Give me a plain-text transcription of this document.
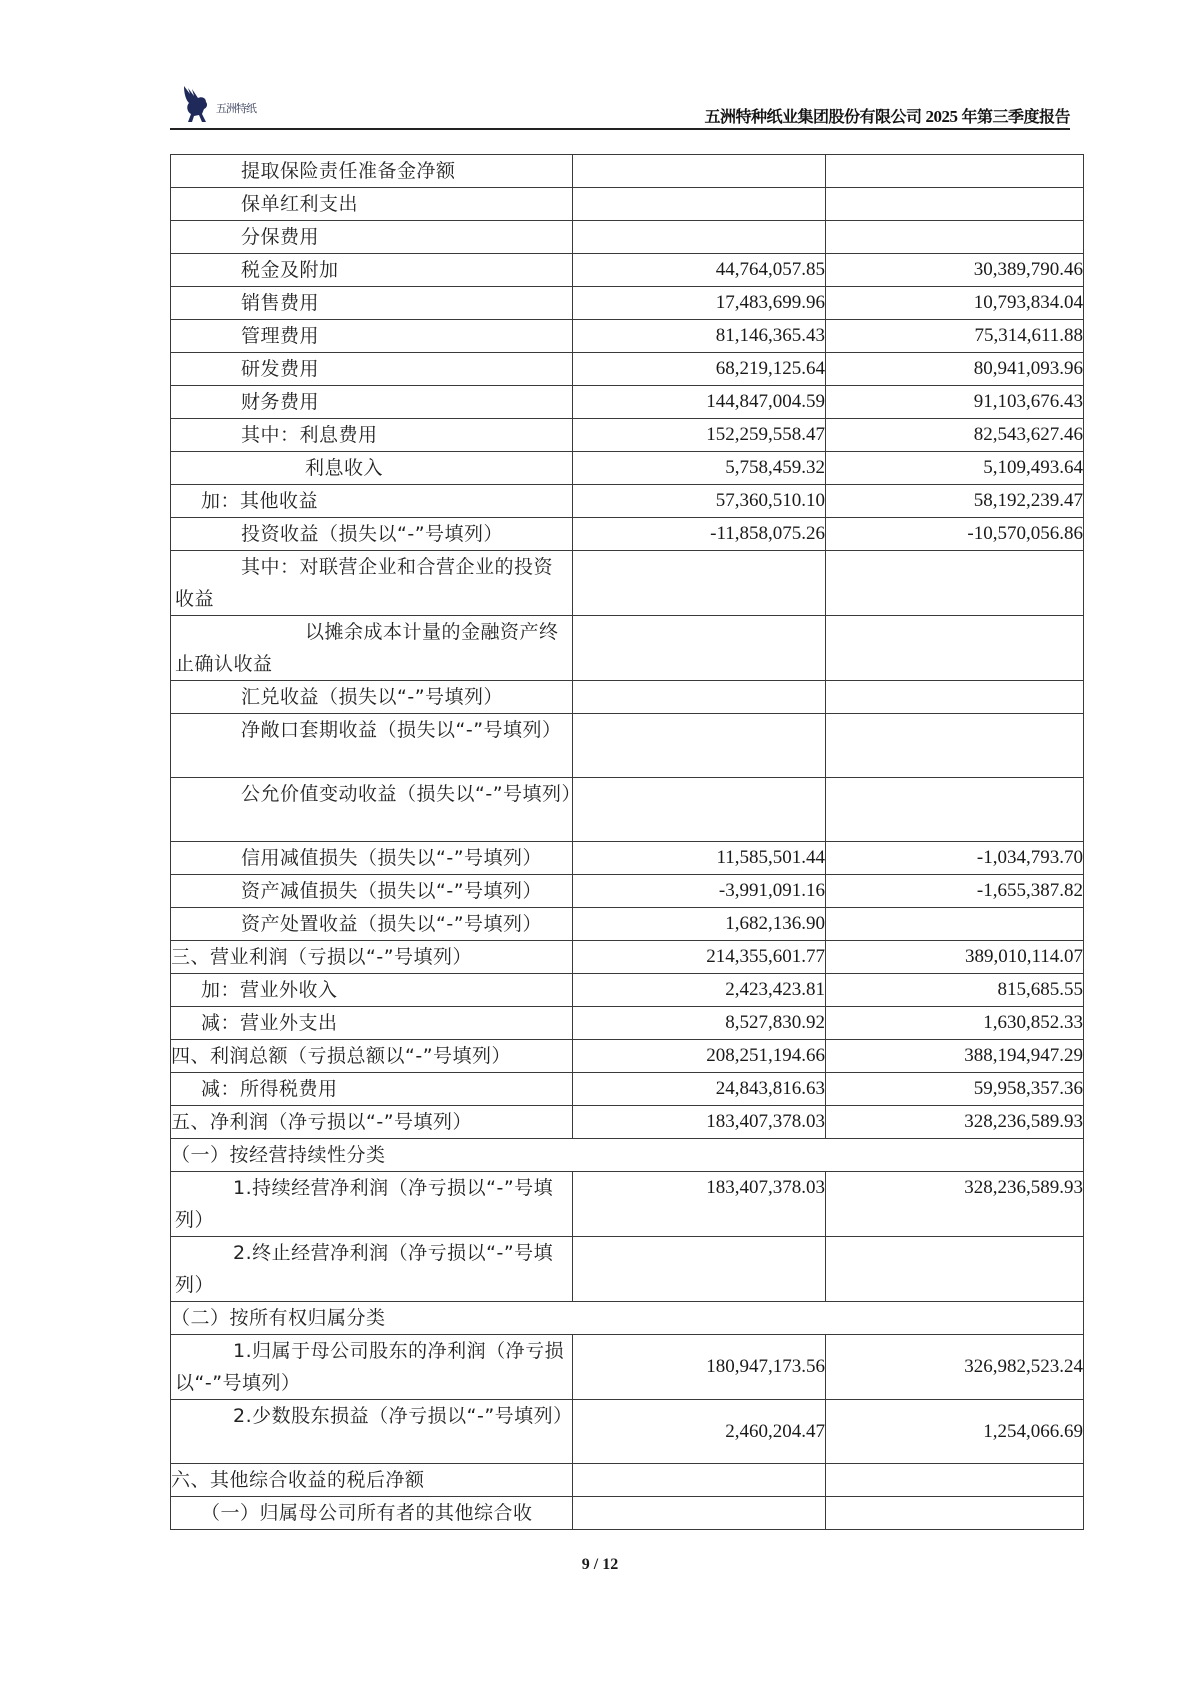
五洲特纸	五洲特种纸业集团股份有限公司 2025 年第三季度报告
提取保险责任准备金净额		
保单红利支出		
分保费用		
税金及附加	44,764,057.85	30,389,790.46
销售费用	17,483,699.96	10,793,834.04
管理费用	81,146,365.43	75,314,611.88
研发费用	68,219,125.64	80,941,093.96
财务费用	144,847,004.59	91,103,676.43
其中：利息费用	152,259,558.47	82,543,627.46
利息收入	5,758,459.32	5,109,493.64
加：其他收益	57,360,510.10	58,192,239.47
投资收益（损失以“-”号填列）	-11,858,075.26	-10,570,056.86
其中：对联营企业和合营企业的投资收益		
以摊余成本计量的金融资产终止确认收益		
汇兑收益（损失以“-”号填列）		
净敞口套期收益（损失以“-”号填列）		
公允价值变动收益（损失以“-”号填列）		
信用减值损失（损失以“-”号填列）	11,585,501.44	-1,034,793.70
资产减值损失（损失以“-”号填列）	-3,991,091.16	-1,655,387.82
资产处置收益（损失以“-”号填列）	1,682,136.90	
三、营业利润（亏损以“-”号填列）	214,355,601.77	389,010,114.07
加：营业外收入	2,423,423.81	815,685.55
减：营业外支出	8,527,830.92	1,630,852.33
四、利润总额（亏损总额以“-”号填列）	208,251,194.66	388,194,947.29
减：所得税费用	24,843,816.63	59,958,357.36
五、净利润（净亏损以“-”号填列）	183,407,378.03	328,236,589.93
（一）按经营持续性分类		
1.持续经营净利润（净亏损以“-”号填列）	183,407,378.03	328,236,589.93
2.终止经营净利润（净亏损以“-”号填列）		
（二）按所有权归属分类		
1.归属于母公司股东的净利润（净亏损以“-”号填列）	180,947,173.56	326,982,523.24
2.少数股东损益（净亏损以“-”号填列）	2,460,204.47	1,254,066.69
六、其他综合收益的税后净额		
（一）归属母公司所有者的其他综合收		
9 / 12
